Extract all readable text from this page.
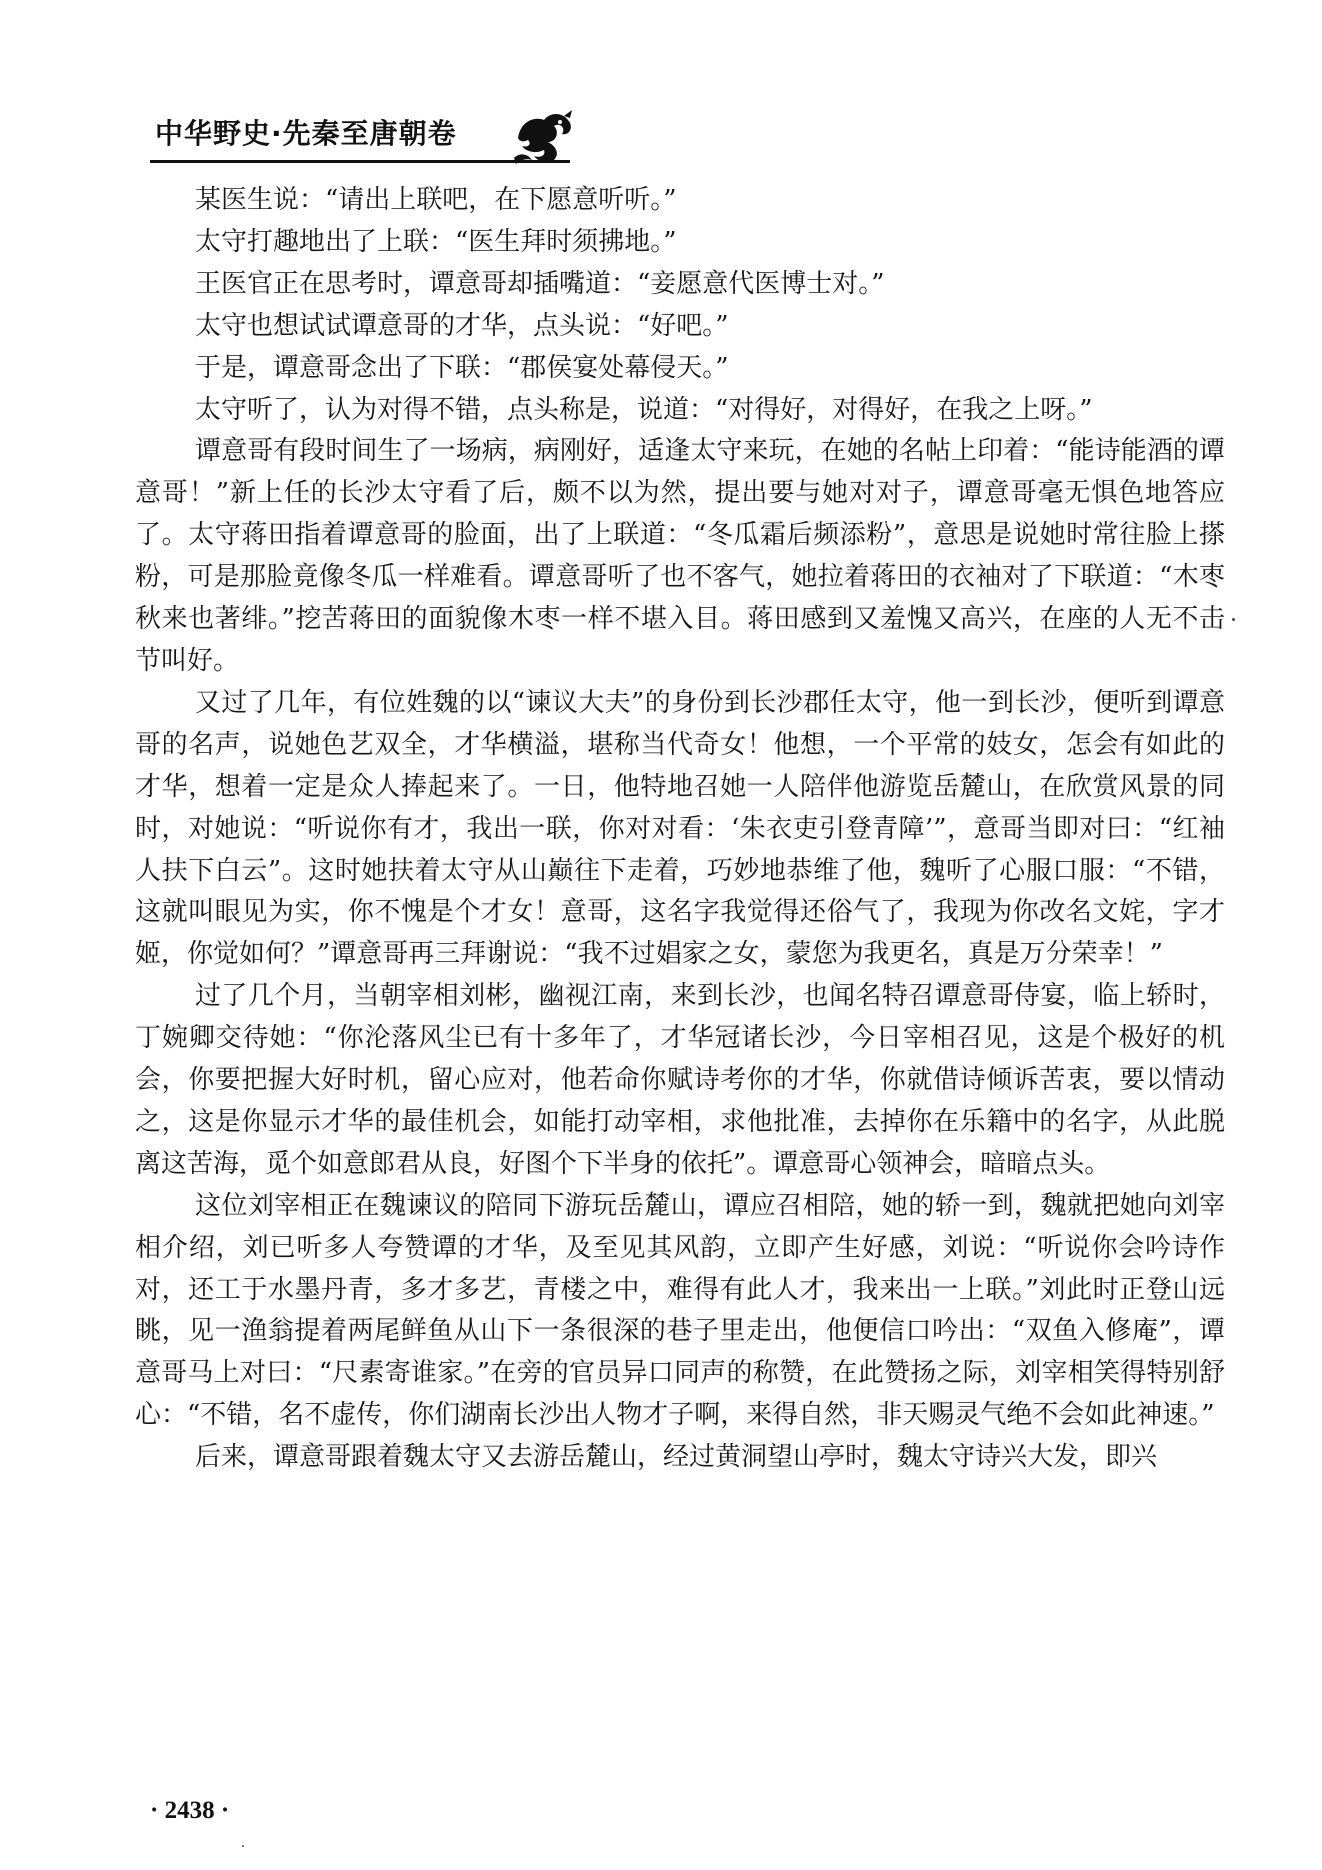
中华野史·先秦至唐朝卷

某医生说：“请出上联吧，在下愿意听听。”

太守打趣地出了上联：“医生拜时须拂地。”

王医官正在思考时，谭意哥却插嘴道：“妾愿意代医博士对。”

太守也想试试谭意哥的才华，点头说：“好吧。”

于是，谭意哥念出了下联：“郡侯宴处幕侵天。”

太守听了，认为对得不错，点头称是，说道：“对得好，对得好，在我之上呀。”

谭意哥有段时间生了一场病，病刚好，适逢太守来玩，在她的名帖上印着：“能诗能酒的谭意哥！”新上任的长沙太守看了后，颇不以为然，提出要与她对对子，谭意哥毫无惧色地答应了。太守蒋田指着谭意哥的脸面，出了上联道：“冬瓜霜后频添粉”，意思是说她时常往脸上搽粉，可是那脸竟像冬瓜一样难看。谭意哥听了也不客气，她拉着蒋田的衣袖对了下联道：“木枣秋来也著绯。”挖苦蒋田的面貌像木枣一样不堪入目。蒋田感到又羞愧又高兴，在座的人无不击节叫好。

又过了几年，有位姓魏的以“谏议大夫”的身份到长沙郡任太守，他一到长沙，便听到谭意哥的名声，说她色艺双全，才华横溢，堪称当代奇女！他想，一个平常的妓女，怎会有如此的才华，想着一定是众人捧起来了。一日，他特地召她一人陪伴他游览岳麓山，在欣赏风景的同时，对她说：“听说你有才，我出一联，你对对看：‘朱衣吏引登青障’”，意哥当即对曰：“红袖人扶下白云”。这时她扶着太守从山巅往下走着，巧妙地恭维了他，魏听了心服口服：“不错，这就叫眼见为实，你不愧是个才女！意哥，这名字我觉得还俗气了，我现为你改名文姹，字才姬，你觉如何？”谭意哥再三拜谢说：“我不过娼家之女，蒙您为我更名，真是万分荣幸！”

过了几个月，当朝宰相刘彬，幽视江南，来到长沙，也闻名特召谭意哥侍宴，临上轿时，丁婉卿交待她：“你沦落风尘已有十多年了，才华冠诸长沙，今日宰相召见，这是个极好的机会，你要把握大好时机，留心应对，他若命你赋诗考你的才华，你就借诗倾诉苦衷，要以情动之，这是你显示才华的最佳机会，如能打动宰相，求他批准，去掉你在乐籍中的名字，从此脱离这苦海，觅个如意郎君从良，好图个下半身的依托”。谭意哥心领神会，暗暗点头。

这位刘宰相正在魏谏议的陪同下游玩岳麓山，谭应召相陪，她的轿一到，魏就把她向刘宰相介绍，刘已听多人夸赞谭的才华，及至见其风韵，立即产生好感，刘说：“听说你会吟诗作对，还工于水墨丹青，多才多艺，青楼之中，难得有此人才，我来出一上联。”刘此时正登山远眺，见一渔翁提着两尾鲜鱼从山下一条很深的巷子里走出，他便信口吟出：“双鱼入修庵”，谭意哥马上对曰：“尺素寄谁家。”在旁的官员异口同声的称赞，在此赞扬之际，刘宰相笑得特别舒心：“不错，名不虚传，你们湖南长沙出人物才子啊，来得自然，非天赐灵气绝不会如此神速。”

后来，谭意哥跟着魏太守又去游岳麓山，经过黄洞望山亭时，魏太守诗兴大发，即兴

· 2438 ·
